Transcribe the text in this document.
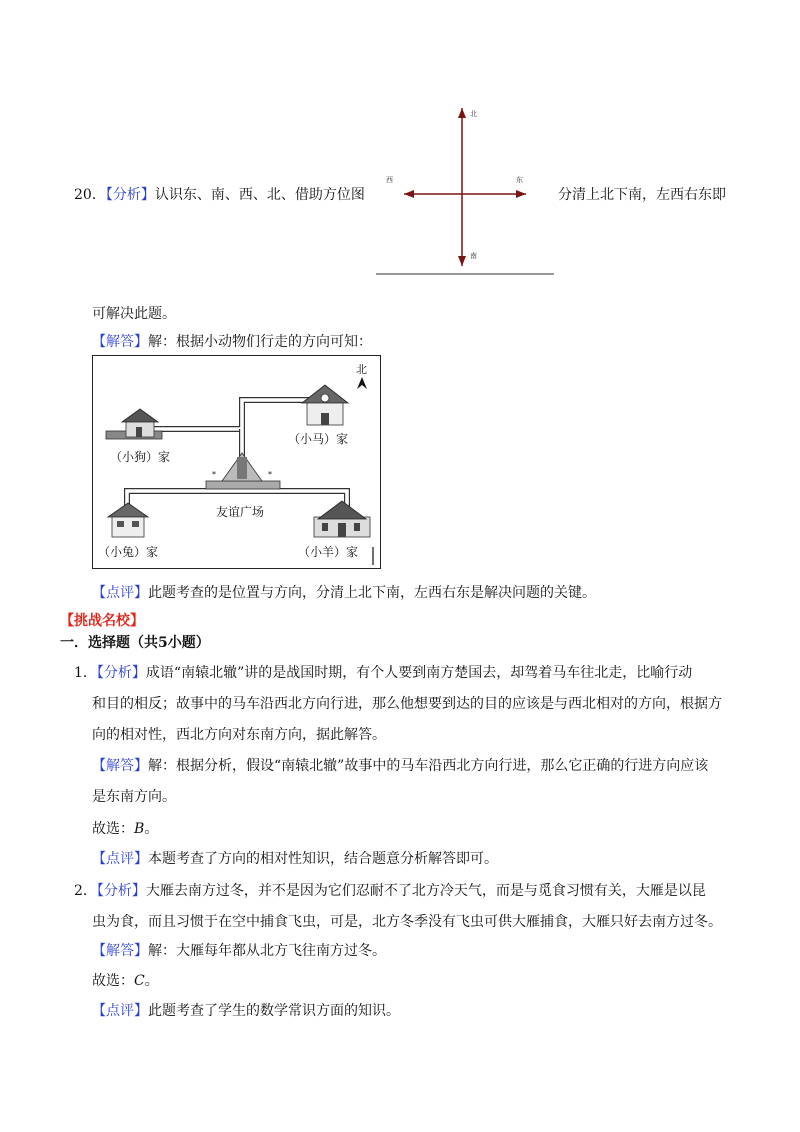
20．【分析】认识东、南、西、北、借助方位图
北
南
西	东
分清上北下南，左西右东即
可解决此题。
【解答】解：根据小动物们行走的方向可知：
北
（小狗）家
（小马）家
*	*
友谊广场
（小兔）家	（小羊）家
【点评】此题考查的是位置与方向，分清上北下南，左西右东是解决问题的关键。
【挑战名校】
一．选择题（共5小题）
1．【分析】成语“南辕北辙”讲的是战国时期，有个人要到南方楚国去，却驾着马车往北走，比喻行动
和目的相反；故事中的马车沿西北方向行进，那么他想要到达的目的应该是与西北相对的方向，根据方
向的相对性，西北方向对东南方向，据此解答。
【解答】解：根据分析，假设“南辕北辙”故事中的马车沿西北方向行进，那么它正确的行进方向应该
是东南方向。
故选：B。
【点评】本题考查了方向的相对性知识，结合题意分析解答即可。
2．【分析】大雁去南方过冬，并不是因为它们忍耐不了北方冷天气，而是与觅食习惯有关，大雁是以昆
虫为食，而且习惯于在空中捕食飞虫，可是，北方冬季没有飞虫可供大雁捕食，大雁只好去南方过冬。
【解答】解：大雁每年都从北方飞往南方过冬。
故选：C。
【点评】此题考查了学生的数学常识方面的知识。
